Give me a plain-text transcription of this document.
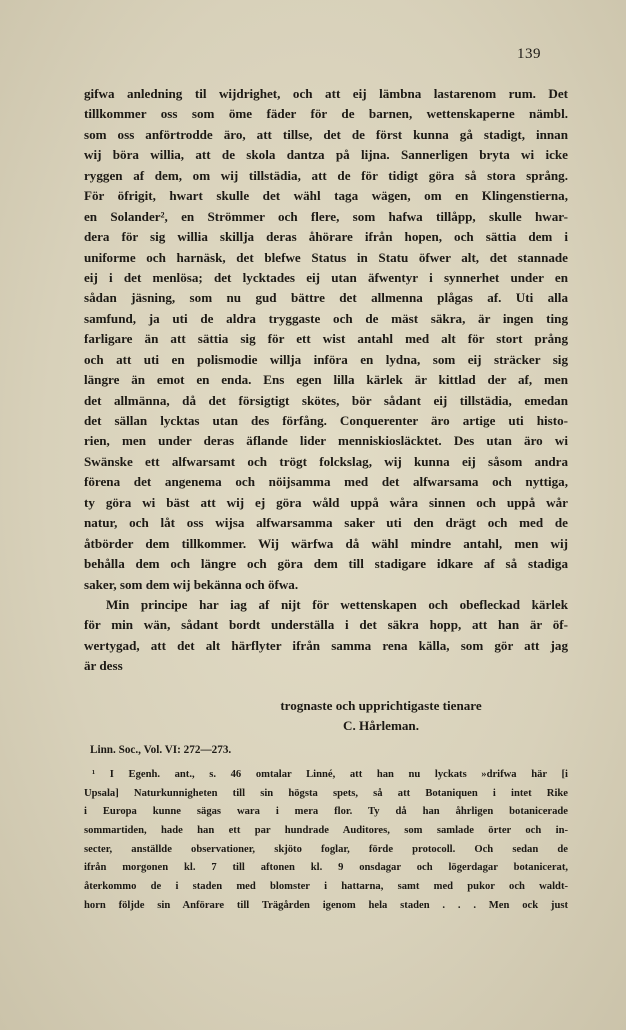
139
gifwa anledning til wijdrighet, och att eij lämbna lastarenom rum. Det
tillkommer oss som öme fäder för de barnen, wettenskaperne nämbl.
som oss anförtrodde äro, att tillse, det de först kunna gå stadigt, innan
wij böra willia, att de skola dantza på lijna. Sannerligen bryta wi icke
ryggen af dem, om wij tillstädia, att de för tidigt göra så stora språng.
För öfrigit, hwart skulle det wähl taga wägen, om en Klingenstierna,
en Solander², en Strömmer och flere, som hafwa tillåpp, skulle hwar-
dera för sig willia skillja deras åhörare ifrån hopen, och sättia dem i
uniforme och harnäsk, det blefwe Status in Statu öfwer alt, det stannade
eij i det menlösa; det lycktades eij utan äfwentyr i synnerhet under en
sådan jäsning, som nu gud bättre det allmenna plågas af. Uti alla
samfund, ja uti de aldra tryggaste och de mäst säkra, är ingen ting
farligare än att sättia sig för ett wist antahl med alt för stort prång
och att uti en polismodie willja införa en lydna, som eij sträcker sig
längre än emot en enda. Ens egen lilla kärlek är kittlad der af, men
det allmänna, då det försigtigt skötes, bör sådant eij tillstädia, emedan
det sällan lycktas utan des förfång. Conquerenter äro artige uti histo-
rien, men under deras äflande lider menniskiosläcktet. Des utan äro wi
Swänske ett alfwarsamt och trögt folckslag, wij kunna eij såsom andra
förena det angenema och nöijsamma med det alfwarsama och nyttiga,
ty göra wi bäst att wij ej göra wåld uppå wåra sinnen och uppå wår
natur, och låt oss wijsa alfwarsamma saker uti den drägt och med de
åtbörder dem tillkommer. Wij wärfwa då wähl mindre antahl, men wij
behålla dem och längre och göra dem till stadigare idkare af så stadiga
saker, som dem wij bekänna och öfwa.
Min principe har iag af nijt för wettenskapen och obefleckad kärlek
för min wän, sådant bordt underställa i det säkra hopp, att han är öf-
wertygad, att det alt härflyter ifrån samma rena källa, som gör att jag
är dess
trognaste och upprichtigaste tienare
C. Hårleman.
Linn. Soc., Vol. VI: 272—273.
¹ I Egenh. ant., s. 46 omtalar Linné, att han nu lyckats »drifwa här [i
Upsala] Naturkunnigheten till sin högsta spets, så att Botaniquen i intet Rike
i Europa kunne sägas wara i mera flor. Ty då han åhrligen botanicerade
sommartiden, hade han ett par hundrade Auditores, som samlade örter och in-
secter, anställde observationer, skjöto foglar, förde protocoll. Och sedan de
ifrån morgonen kl. 7 till aftonen kl. 9 onsdagar och lögerdagar botanicerat,
återkommo de i staden med blomster i hattarna, samt med pukor och waldt-
horn följde sin Anförare till Trägården igenom hela staden . . . Men ock just
